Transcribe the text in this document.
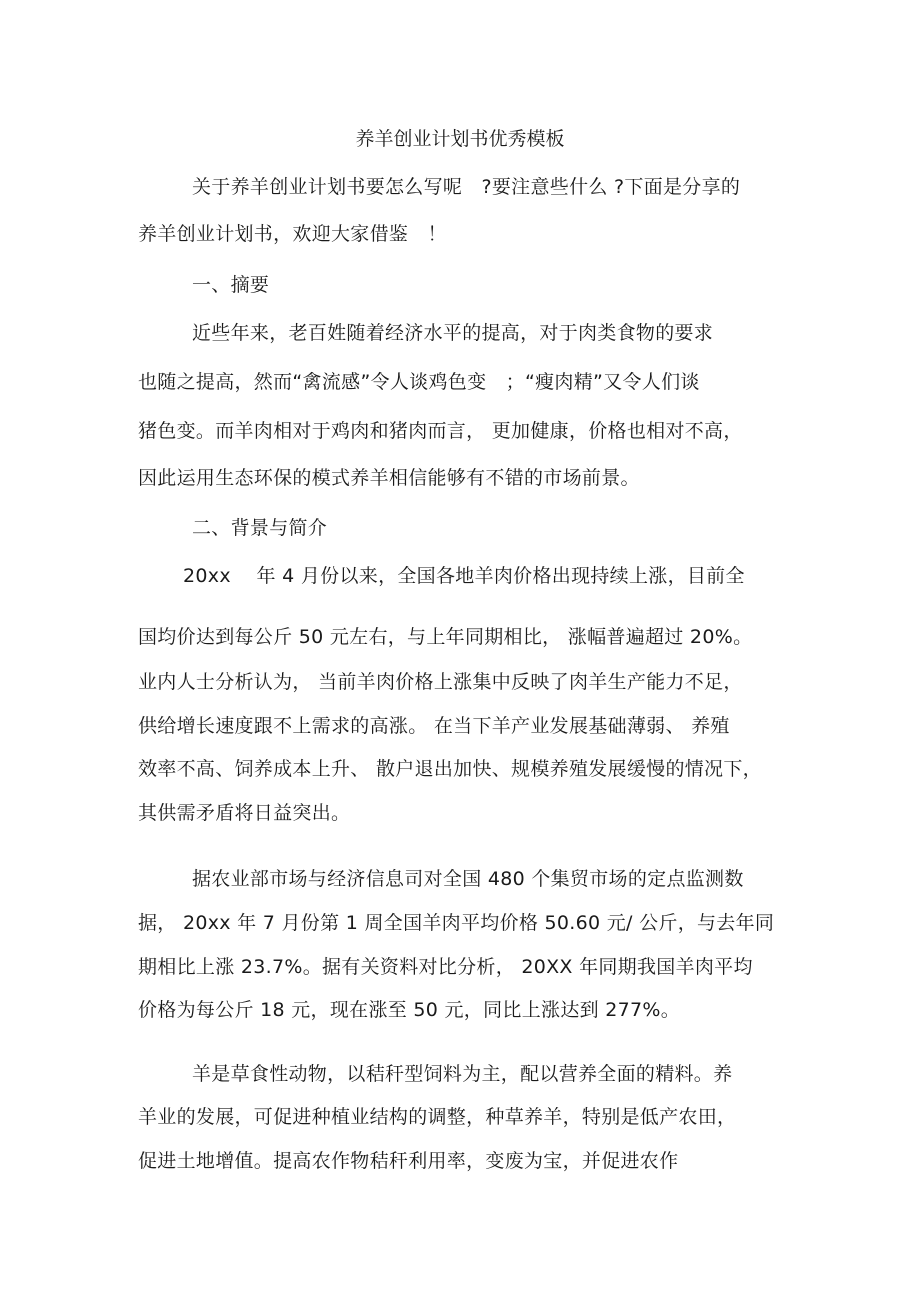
养羊创业计划书优秀模板
关于养羊创业计划书要怎么写呢　?要注意些什么 ?下面是分享的
养羊创业计划书，欢迎大家借鉴　！
一、摘要
近些年来，老百姓随着经济水平的提高，对于肉类食物的要求
也随之提高，然而“禽流感”令人谈鸡色变　；“瘦肉精”又令人们谈
猪色变。而羊肉相对于鸡肉和猪肉而言， 更加健康，价格也相对不高，
因此运用生态环保的模式养羊相信能够有不错的市场前景。
二、背景与简介
20xx　 年 4 月份以来，全国各地羊肉价格出现持续上涨，目前全
国均价达到每公斤 50 元左右，与上年同期相比， 涨幅普遍超过 20%。
业内人士分析认为， 当前羊肉价格上涨集中反映了肉羊生产能力不足，
供给增长速度跟不上需求的高涨。 在当下羊产业发展基础薄弱、 养殖
效率不高、饲养成本上升、 散户退出加快、规模养殖发展缓慢的情况下，
其供需矛盾将日益突出。
据农业部市场与经济信息司对全国 480 个集贸市场的定点监测数
据， 20xx 年 7 月份第 1 周全国羊肉平均价格 50.60 元/ 公斤，与去年同
期相比上涨 23.7%。据有关资料对比分析， 20XX 年同期我国羊肉平均
价格为每公斤 18 元，现在涨至 50 元，同比上涨达到 277%。
羊是草食性动物，以秸秆型饲料为主，配以营养全面的精料。养
羊业的发展，可促进种植业结构的调整，种草养羊，特别是低产农田，
促进土地增值。提高农作物秸秆利用率，变废为宝，并促进农作
